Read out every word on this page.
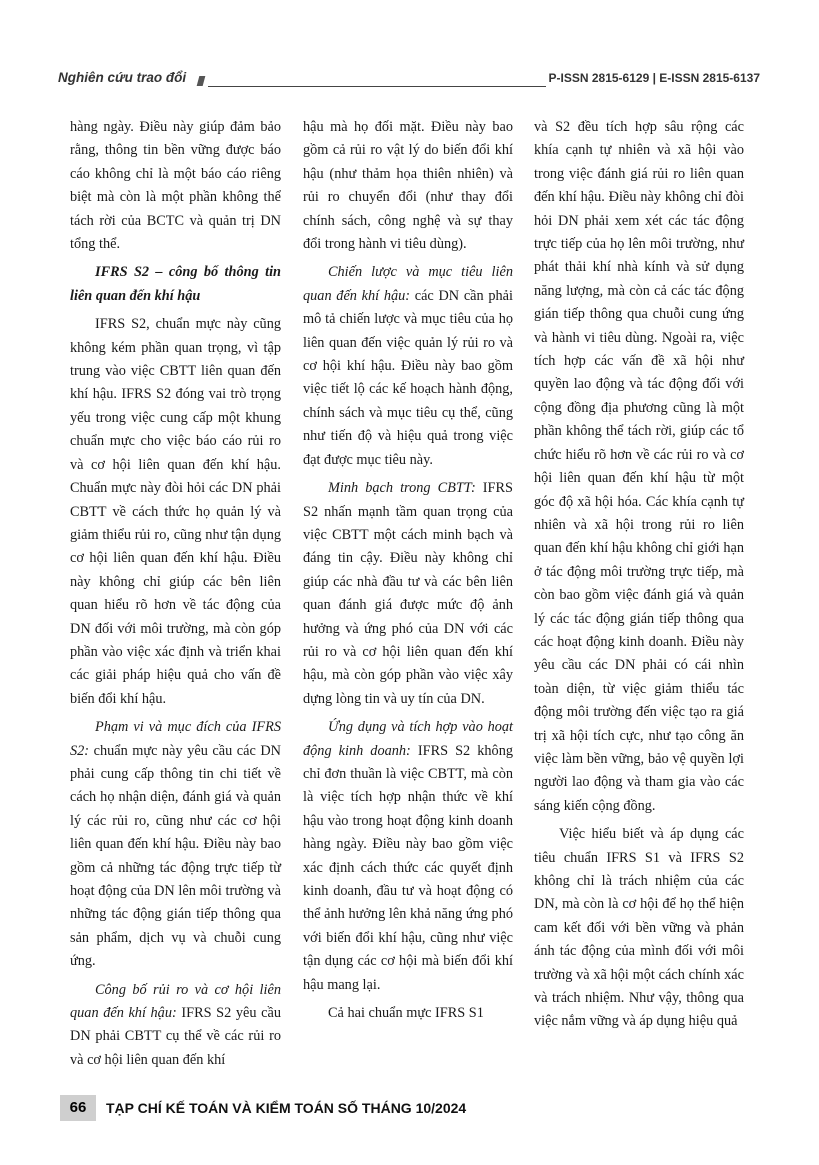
Nghiên cứu trao đổi	P-ISSN 2815-6129 | E-ISSN 2815-6137

hàng ngày. Điều này giúp đảm bảo rằng, thông tin bền vững được báo cáo không chỉ là một báo cáo riêng biệt mà còn là một phần không thể tách rời của BCTC và quản trị DN tổng thể.

IFRS S2 – công bố thông tin liên quan đến khí hậu

IFRS S2, chuẩn mực này cũng không kém phần quan trọng, vì tập trung vào việc CBTT liên quan đến khí hậu. IFRS S2 đóng vai trò trọng yếu trong việc cung cấp một khung chuẩn mực cho việc báo cáo rủi ro và cơ hội liên quan đến khí hậu. Chuẩn mực này đòi hỏi các DN phải CBTT về cách thức họ quản lý và giảm thiểu rủi ro, cũng như tận dụng cơ hội liên quan đến khí hậu. Điều này không chỉ giúp các bên liên quan hiểu rõ hơn về tác động của DN đối với môi trường, mà còn góp phần vào việc xác định và triển khai các giải pháp hiệu quả cho vấn đề biến đổi khí hậu.

Phạm vi và mục đích của IFRS S2: chuẩn mực này yêu cầu các DN phải cung cấp thông tin chi tiết về cách họ nhận diện, đánh giá và quản lý các rủi ro, cũng như các cơ hội liên quan đến khí hậu. Điều này bao gồm cả những tác động trực tiếp từ hoạt động của DN lên môi trường và những tác động gián tiếp thông qua sản phẩm, dịch vụ và chuỗi cung ứng.

Công bố rủi ro và cơ hội liên quan đến khí hậu: IFRS S2 yêu cầu DN phải CBTT cụ thể về các rủi ro và cơ hội liên quan đến khí

hậu mà họ đối mặt. Điều này bao gồm cả rủi ro vật lý do biến đổi khí hậu (như thảm họa thiên nhiên) và rủi ro chuyển đổi (như thay đổi chính sách, công nghệ và sự thay đổi trong hành vi tiêu dùng).

Chiến lược và mục tiêu liên quan đến khí hậu: các DN cần phải mô tả chiến lược và mục tiêu của họ liên quan đến việc quản lý rủi ro và cơ hội khí hậu. Điều này bao gồm việc tiết lộ các kế hoạch hành động, chính sách và mục tiêu cụ thể, cũng như tiến độ và hiệu quả trong việc đạt được mục tiêu này.

Minh bạch trong CBTT: IFRS S2 nhấn mạnh tầm quan trọng của việc CBTT một cách minh bạch và đáng tin cậy. Điều này không chỉ giúp các nhà đầu tư và các bên liên quan đánh giá được mức độ ảnh hưởng và ứng phó của DN với các rủi ro và cơ hội liên quan đến khí hậu, mà còn góp phần vào việc xây dựng lòng tin và uy tín của DN.

Ứng dụng và tích hợp vào hoạt động kinh doanh: IFRS S2 không chỉ đơn thuần là việc CBTT, mà còn là việc tích hợp nhận thức về khí hậu vào trong hoạt động kinh doanh hàng ngày. Điều này bao gồm việc xác định cách thức các quyết định kinh doanh, đầu tư và hoạt động có thể ảnh hưởng lên khả năng ứng phó với biến đổi khí hậu, cũng như việc tận dụng các cơ hội mà biến đổi khí hậu mang lại.

Cả hai chuẩn mực IFRS S1

và S2 đều tích hợp sâu rộng các khía cạnh tự nhiên và xã hội vào trong việc đánh giá rủi ro liên quan đến khí hậu. Điều này không chỉ đòi hỏi DN phải xem xét các tác động trực tiếp của họ lên môi trường, như phát thải khí nhà kính và sử dụng năng lượng, mà còn cả các tác động gián tiếp thông qua chuỗi cung ứng và hành vi tiêu dùng. Ngoài ra, việc tích hợp các vấn đề xã hội như quyền lao động và tác động đối với cộng đồng địa phương cũng là một phần không thể tách rời, giúp các tổ chức hiểu rõ hơn về các rủi ro và cơ hội liên quan đến khí hậu từ một góc độ xã hội hóa. Các khía cạnh tự nhiên và xã hội trong rủi ro liên quan đến khí hậu không chỉ giới hạn ở tác động môi trường trực tiếp, mà còn bao gồm việc đánh giá và quản lý các tác động gián tiếp thông qua các hoạt động kinh doanh. Điều này yêu cầu các DN phải có cái nhìn toàn diện, từ việc giảm thiểu tác động môi trường đến việc tạo ra giá trị xã hội tích cực, như tạo công ăn việc làm bền vững, bảo vệ quyền lợi người lao động và tham gia vào các sáng kiến cộng đồng.

Việc hiểu biết và áp dụng các tiêu chuẩn IFRS S1 và IFRS S2 không chỉ là trách nhiệm của các DN, mà còn là cơ hội để họ thể hiện cam kết đối với bền vững và phản ánh tác động của mình đối với môi trường và xã hội một cách chính xác và trách nhiệm. Như vậy, thông qua việc nắm vững và áp dụng hiệu quả

66	TẠP CHÍ KẾ TOÁN VÀ KIỂM TOÁN SỐ THÁNG 10/2024
